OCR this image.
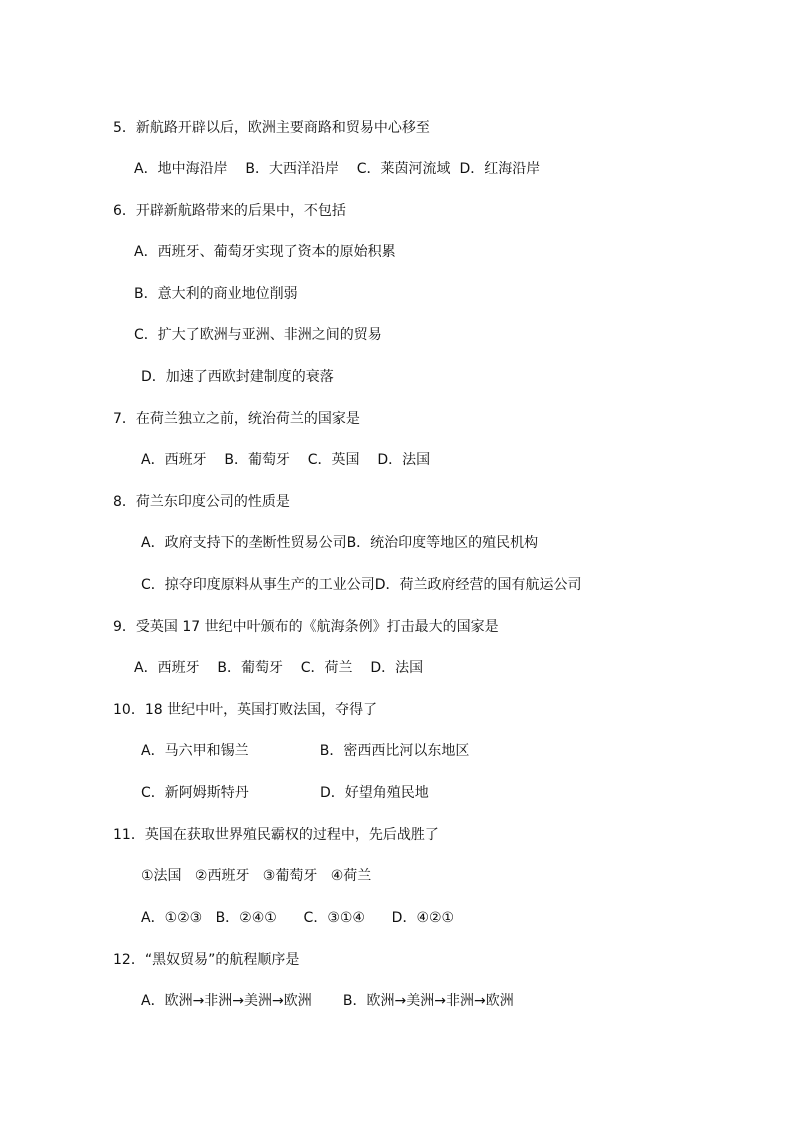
5．新航路开辟以后，欧洲主要商路和贸易中心移至
A．地中海沿岸    B．大西洋沿岸    C．莱茵河流域  D．红海沿岸
6．开辟新航路带来的后果中，不包括
A．西班牙、葡萄牙实现了资本的原始积累
B．意大利的商业地位削弱
C．扩大了欧洲与亚洲、非洲之间的贸易
D．加速了西欧封建制度的衰落
7．在荷兰独立之前，统治荷兰的国家是
A．西班牙    B．葡萄牙    C．英国    D．法国
8．荷兰东印度公司的性质是
A．政府支持下的垄断性贸易公司B．统治印度等地区的殖民机构
C．掠夺印度原料从事生产的工业公司D．荷兰政府经营的国有航运公司
9．受英国 17 世纪中叶颁布的《航海条例》打击最大的国家是
A．西班牙    B．葡萄牙    C．荷兰    D．法国
10．18 世纪中叶，英国打败法国，夺得了
A．马六甲和锡兰                B．密西西比河以东地区
C．新阿姆斯特丹                D．好望角殖民地
11．英国在获取世界殖民霸权的过程中，先后战胜了
①法国   ②西班牙   ③葡萄牙   ④荷兰
A．①②③   B．②④①      C．③①④      D．④②①
12．“黑奴贸易”的航程顺序是
A．欧洲→非洲→美洲→欧洲       B．欧洲→美洲→非洲→欧洲
